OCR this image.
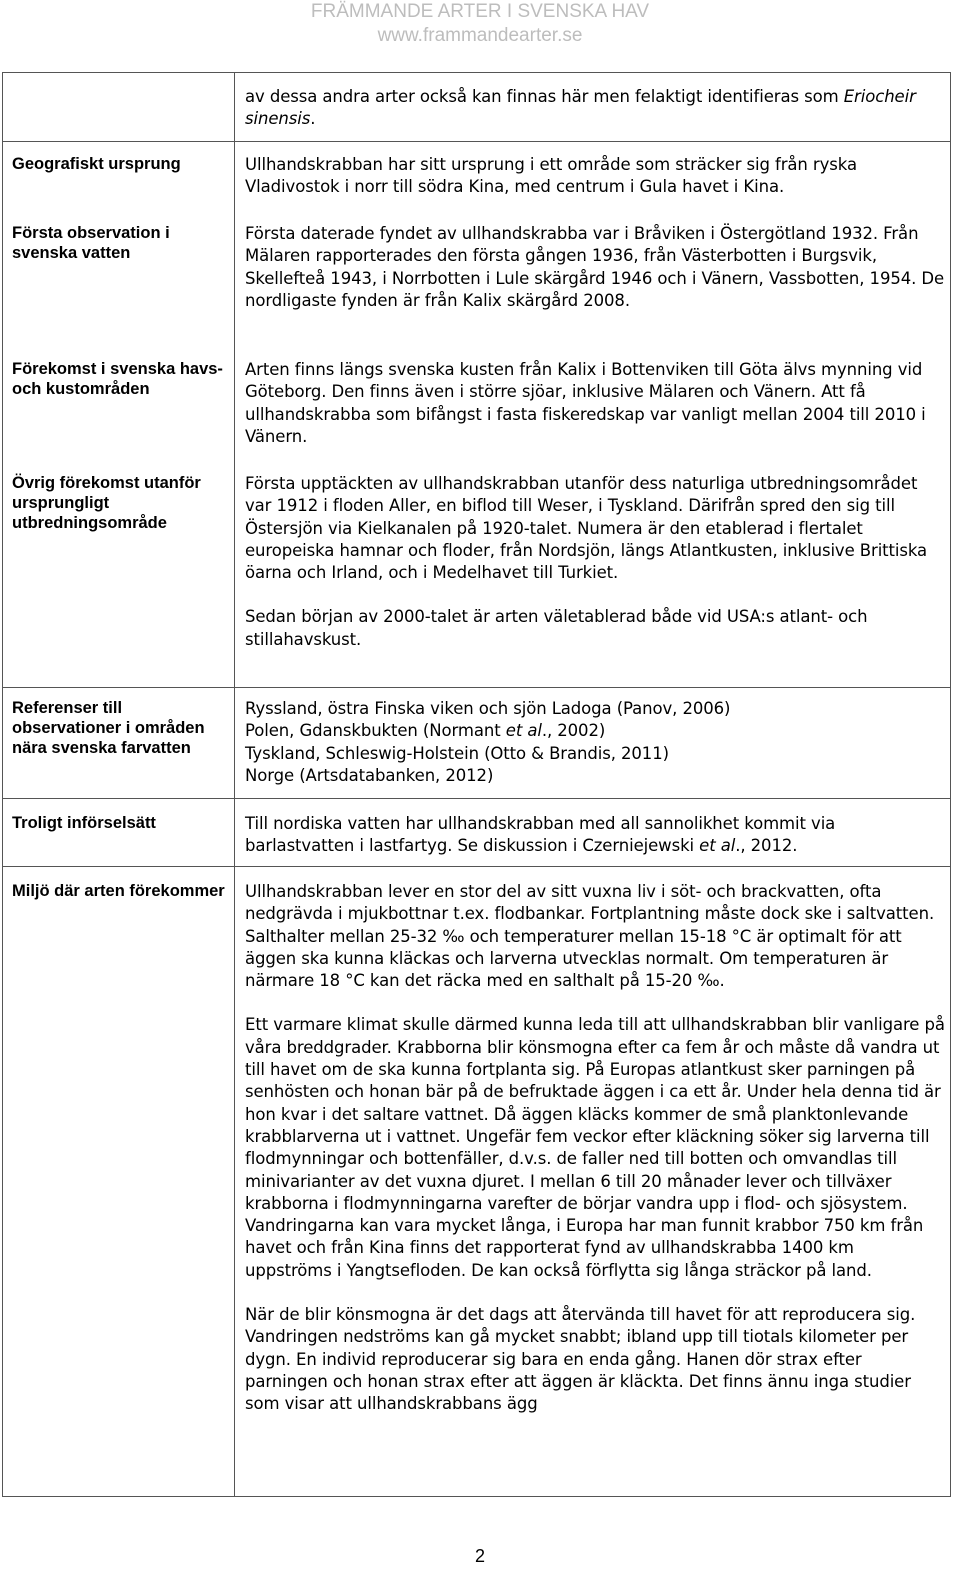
FRÄMMANDE ARTER I SVENSKA HAV
www.frammandearter.se
av dessa andra arter också kan finnas här men felaktigt identifieras som Eriocheir sinensis.
Geografiskt ursprung	Ullhandskrabban har sitt ursprung i ett område som sträcker sig från ryska Vladivostok i norr till södra Kina, med centrum i Gula havet i Kina.
Första observation i svenska vatten
Första daterade fyndet av ullhandskrabba var i Bråviken i Östergötland 1932. Från Mälaren rapporterades den första gången 1936, från Västerbotten i Burgsvik, Skellefteå 1943, i Norrbotten i Lule skärgård 1946 och i Vänern, Vassbotten, 1954. De nordligaste fynden är från Kalix skärgård 2008.
Förekomst i svenska havs- och kustområden
Arten finns längs svenska kusten från Kalix i Bottenviken till Göta älvs mynning vid Göteborg. Den finns även i större sjöar, inklusive Mälaren och Vänern. Att få ullhandskrabba som bifångst i fasta fiskeredskap var vanligt mellan 2004 till 2010 i Vänern.
Övrig förekomst utanför ursprungligt utbredningsområde

Första upptäckten av ullhandskrabban utanför dess naturliga utbredningsområdet var 1912 i floden Aller, en biflod till Weser, i Tyskland. Därifrån spred den sig till Östersjön via Kielkanalen på 1920-talet. Numera är den etablerad i flertalet europeiska hamnar och floder, från Nordsjön, längs Atlantkusten, inklusive Brittiska öarna och Irland, och i Medelhavet till Turkiet.

Sedan början av 2000-talet är arten väletablerad både vid USA:s atlant- och stillahavskust.

Referenser till observationer i områden nära svenska farvatten

Ryssland, östra Finska viken och sjön Ladoga (Panov, 2006)

Polen, Gdanskbukten (Normant et al., 2002)

Tyskland, Schleswig-Holstein (Otto & Brandis, 2011)

Norge (Artsdatabanken, 2012)

Troligt införselsätt	Till nordiska vatten har ullhandskrabban med all sannolikhet kommit via barlastvatten i lastfartyg. Se diskussion i Czerniejewski et al., 2012.
Miljö där arten förekommer Ullhandskrabban lever en stor del av sitt vuxna liv i söt- och brackvatten, ofta nedgrävda i mjukbottnar t.ex. flodbankar. Fortplantning måste dock ske i saltvatten. Salthalter mellan 25-32 ‰ och temperaturer mellan 15-18 °C är optimalt för att äggen ska kunna kläckas och larverna utvecklas normalt. Om temperaturen är närmare 18 °C kan det räcka med en salthalt på 15-20 ‰.

Ett varmare klimat skulle därmed kunna leda till att ullhandskrabban blir vanligare på våra breddgrader. Krabborna blir könsmogna efter ca fem år och måste då vandra ut till havet om de ska kunna fortplanta sig. På Europas atlantkust sker parningen på senhösten och honan bär på de befruktade äggen i ca ett år. Under hela denna tid är hon kvar i det saltare vattnet. Då äggen kläcks kommer de små planktonlevande krabblarverna ut i vattnet. Ungefär fem veckor efter kläckning söker sig larverna till flodmynningar och bottenfäller, d.v.s. de faller ned till botten och omvandlas till minivarianter av det vuxna djuret. I mellan 6 till 20 månader lever och tillväxer krabborna i flodmynningarna varefter de börjar vandra upp i flod- och sjösystem. Vandringarna kan vara mycket långa, i Europa har man funnit krabbor 750 km från havet och från Kina finns det rapporterat fynd av ullhandskrabba 1400 km uppströms i Yangtsefloden. De kan också förflytta sig långa sträckor på land.

När de blir könsmogna är det dags att återvända till havet för att reproducera sig. Vandringen nedströms kan gå mycket snabbt; ibland upp till tiotals kilometer per dygn. En individ reproducerar sig bara en enda gång. Hanen dör strax efter parningen och honan strax efter att äggen är kläckta. Det finns ännu inga studier som visar att ullhandskrabbans ägg

2
